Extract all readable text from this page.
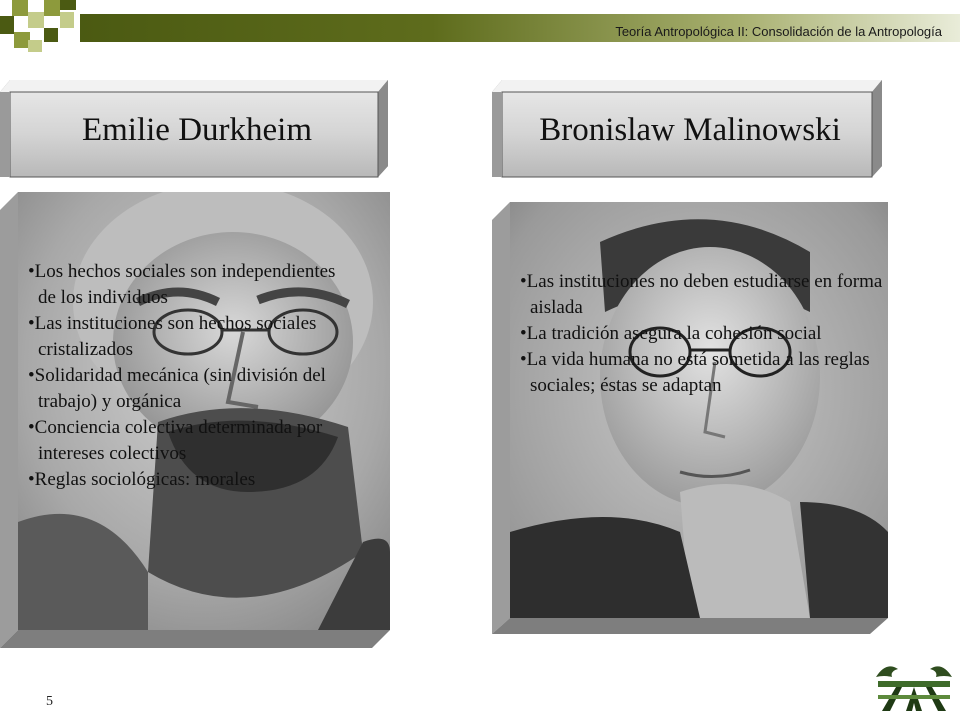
Teoría Antropológica II: Consolidación de la Antropología
Emilie Durkheim	Bronislaw Malinowski
• Los hechos sociales son independientes de los individuos
• Las instituciones son hechos sociales cristalizados
• Solidaridad mecánica (sin división del trabajo) y orgánica
• Conciencia colectiva determinada por intereses colectivos
• Reglas sociológicas: morales
• Las instituciones no deben estudiarse en forma aislada
• La tradición asegura la cohesión social
• La vida humana no está sometida a las reglas sociales; éstas se adaptan
5
